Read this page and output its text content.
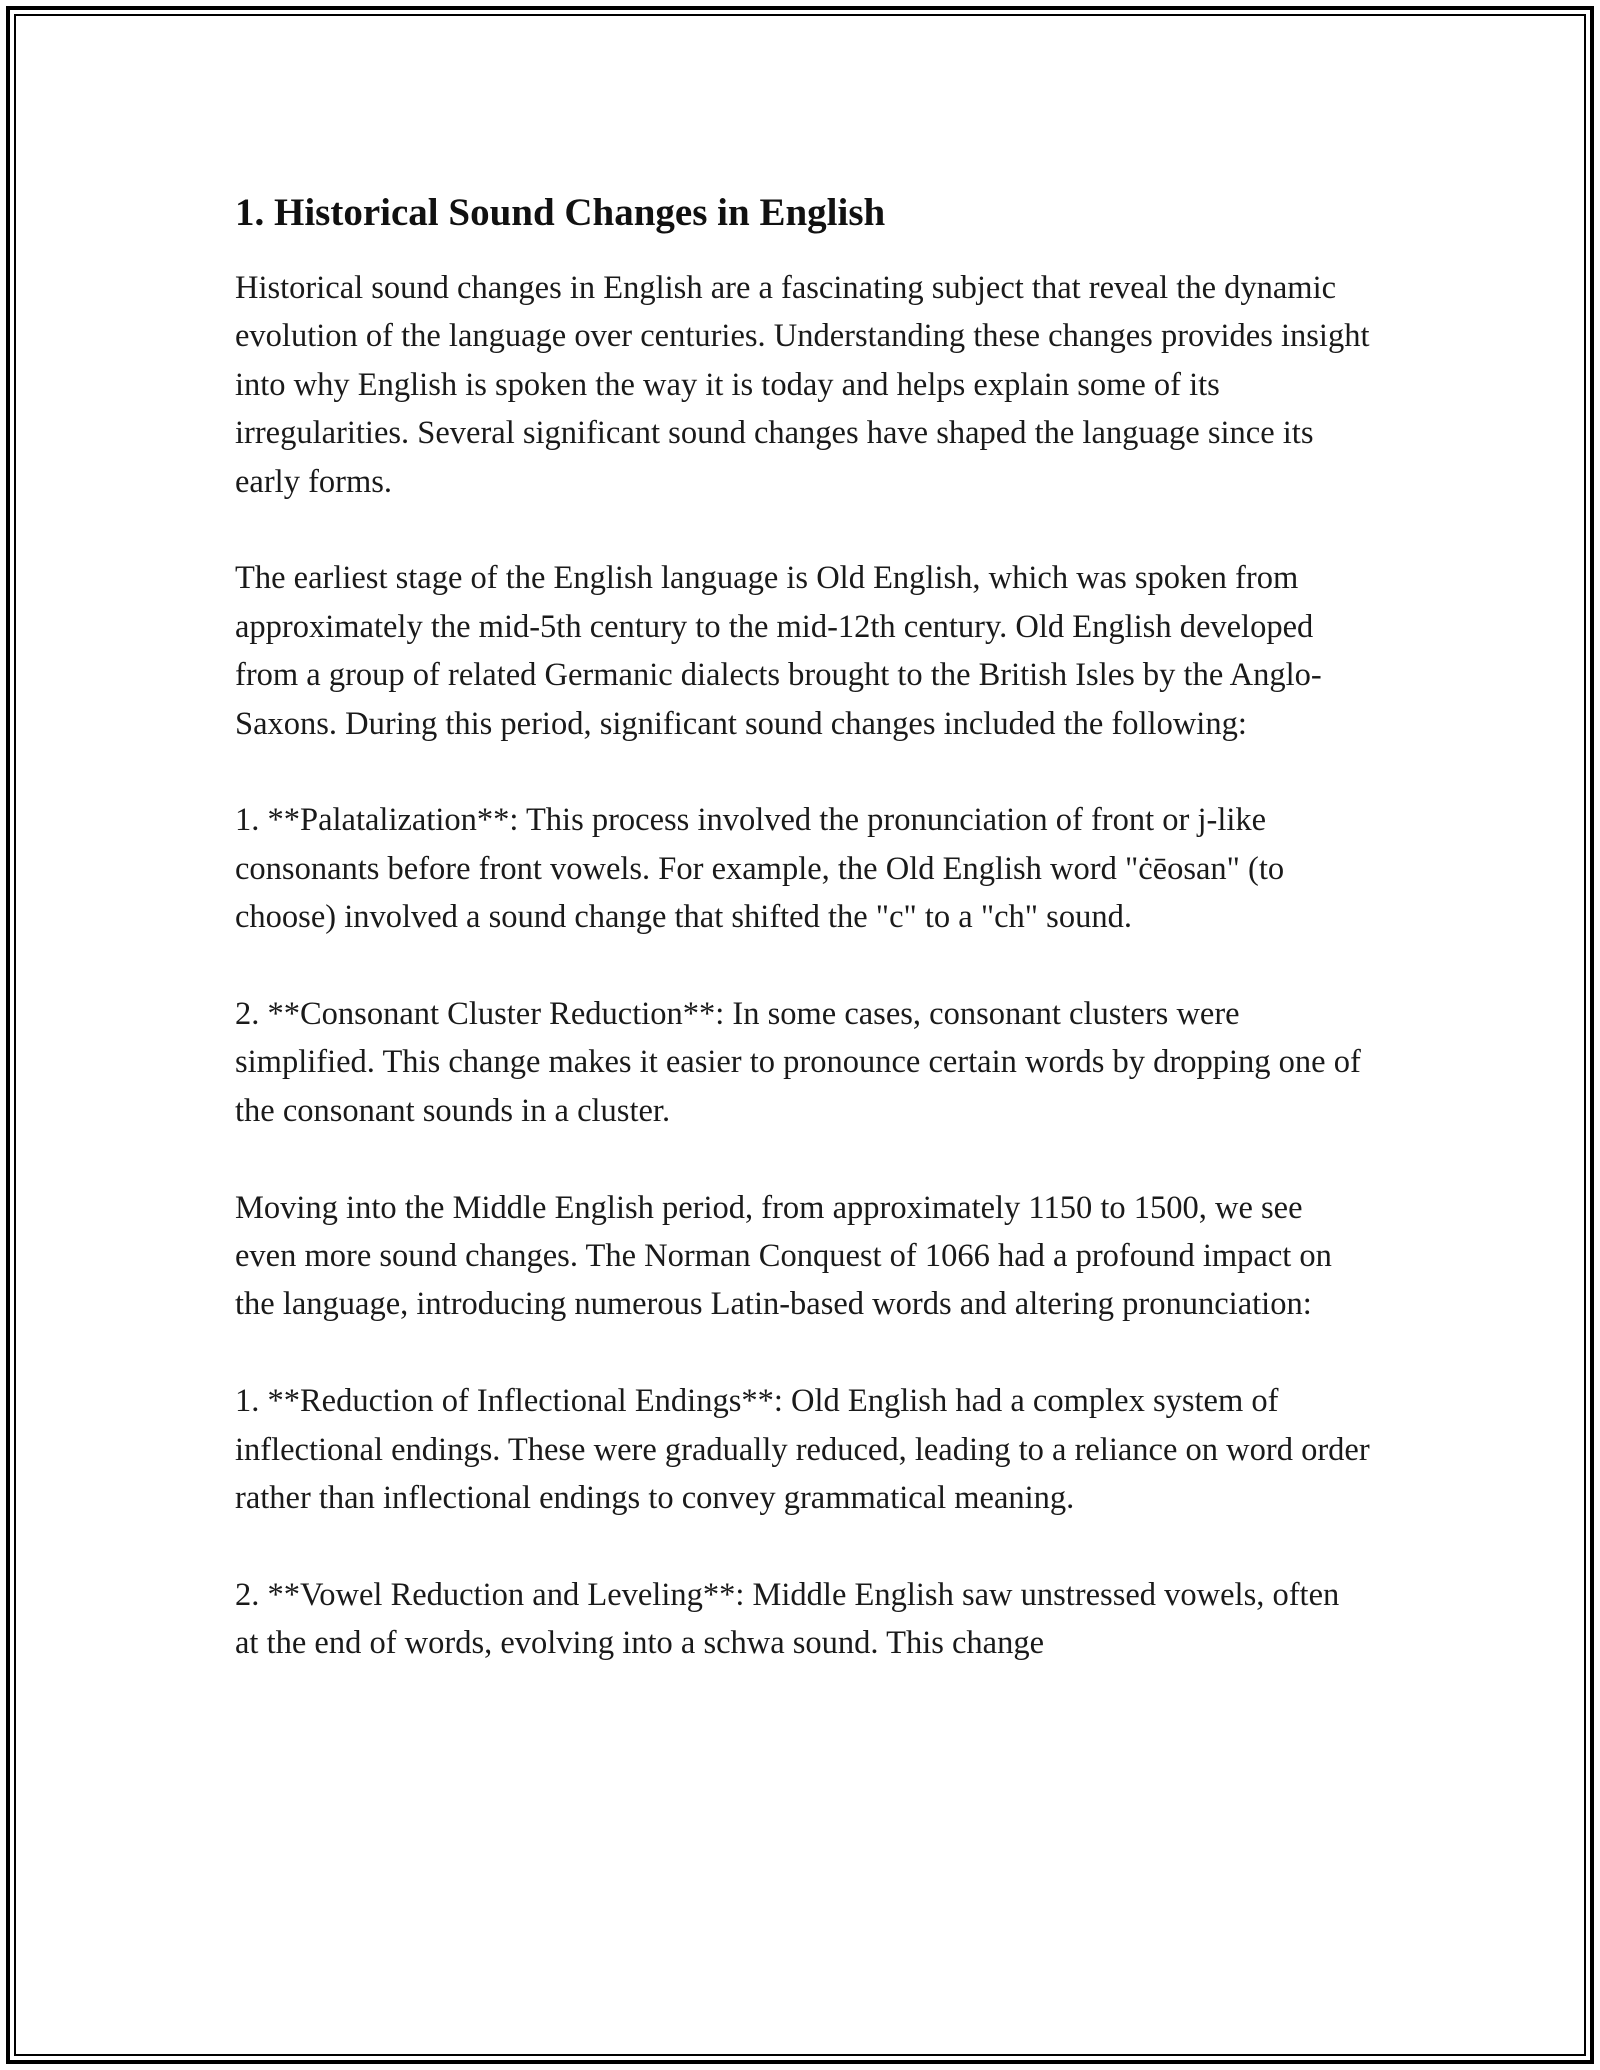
1. Historical Sound Changes in English

Historical sound changes in English are a fascinating subject that reveal the dynamic evolution of the language over centuries. Understanding these changes provides insight into why English is spoken the way it is today and helps explain some of its irregularities. Several significant sound changes have shaped the language since its early forms.

The earliest stage of the English language is Old English, which was spoken from approximately the mid-5th century to the mid-12th century. Old English developed from a group of related Germanic dialects brought to the British Isles by the Anglo-Saxons. During this period, significant sound changes included the following:

1. **Palatalization**: This process involved the pronunciation of front or j-like consonants before front vowels. For example, the Old English word "ċēosan" (to choose) involved a sound change that shifted the "c" to a "ch" sound.

2. **Consonant Cluster Reduction**: In some cases, consonant clusters were simplified. This change makes it easier to pronounce certain words by dropping one of the consonant sounds in a cluster.

Moving into the Middle English period, from approximately 1150 to 1500, we see even more sound changes. The Norman Conquest of 1066 had a profound impact on the language, introducing numerous Latin-based words and altering pronunciation:

1. **Reduction of Inflectional Endings**: Old English had a complex system of inflectional endings. These were gradually reduced, leading to a reliance on word order rather than inflectional endings to convey grammatical meaning.

2. **Vowel Reduction and Leveling**: Middle English saw unstressed vowels, often at the end of words, evolving into a schwa sound. This change
